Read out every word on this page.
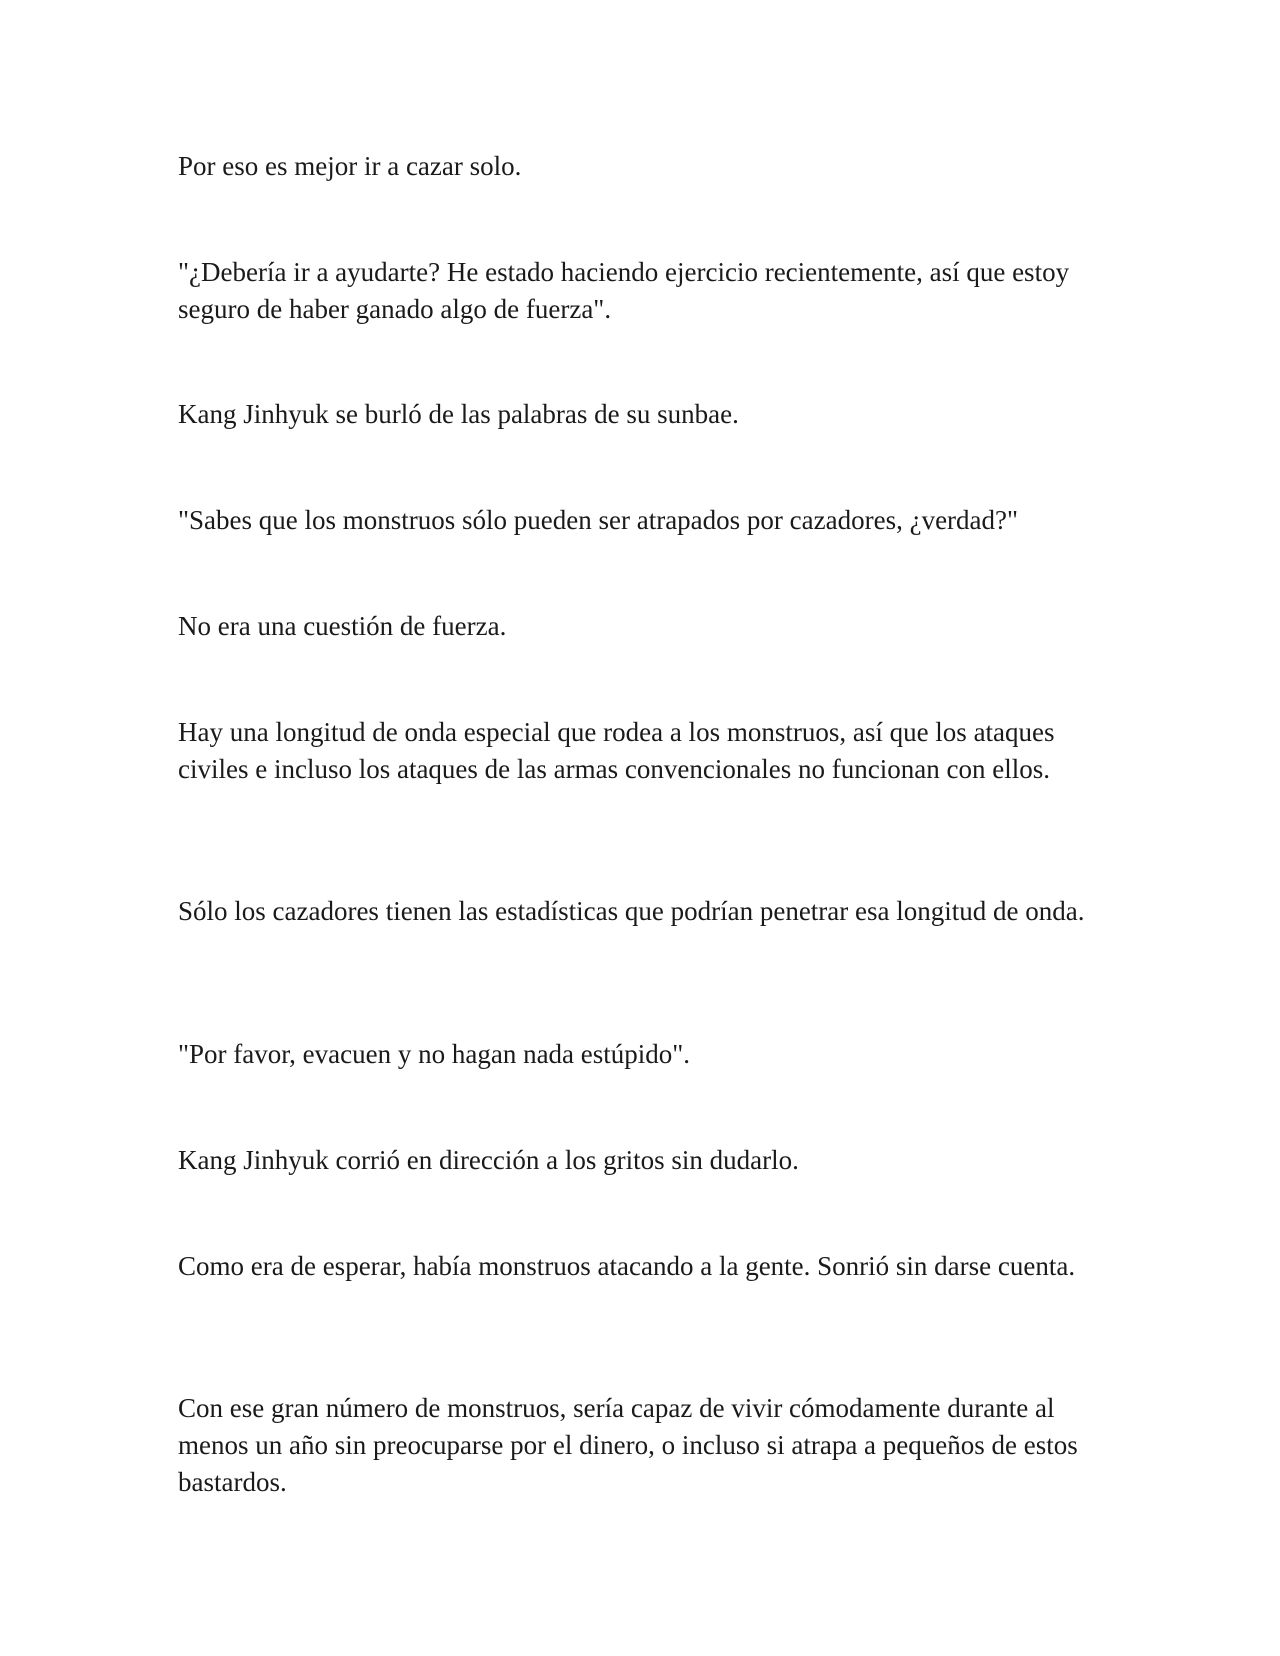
Por eso es mejor ir a cazar solo.

"¿Debería ir a ayudarte? He estado haciendo ejercicio recientemente, así que estoy seguro de haber ganado algo de fuerza".

Kang Jinhyuk se burló de las palabras de su sunbae.

"Sabes que los monstruos sólo pueden ser atrapados por cazadores, ¿verdad?"

No era una cuestión de fuerza.

Hay una longitud de onda especial que rodea a los monstruos, así que los ataques civiles e incluso los ataques de las armas convencionales no funcionan con ellos.

Sólo los cazadores tienen las estadísticas que podrían penetrar esa longitud de onda.

"Por favor, evacuen y no hagan nada estúpido".

Kang Jinhyuk corrió en dirección a los gritos sin dudarlo.

Como era de esperar, había monstruos atacando a la gente. Sonrió sin darse cuenta.

Con ese gran número de monstruos, sería capaz de vivir cómodamente durante al menos un año sin preocuparse por el dinero, o incluso si atrapa a pequeños de estos bastardos.
